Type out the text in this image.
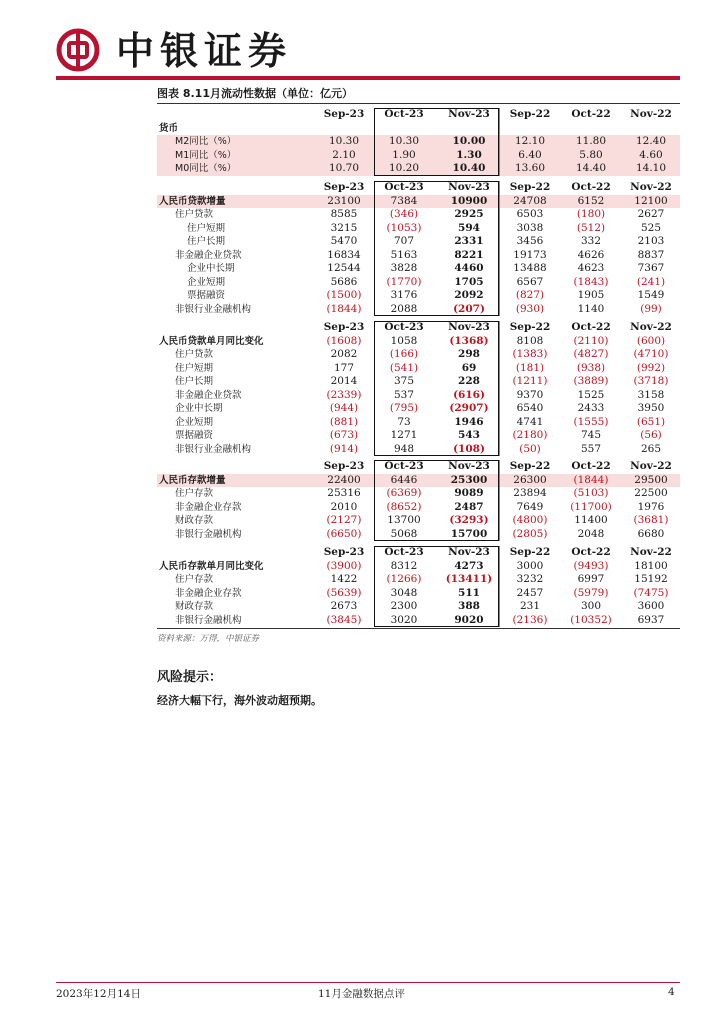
中银证券
图表 8.11月流动性数据（单位：亿元）
Sep-23	Oct-23	Nov-23	Sep-22	Oct-22	Nov-22
货币
M2同比（%）	10.30	10.30	10.00	12.10	11.80	12.40
M1同比（%）	2.10	1.90	1.30	6.40	5.80	4.60
M0同比（%）	10.70	10.20	10.40	13.60	14.40	14.10
Sep-23	Oct-23	Nov-23	Sep-22	Oct-22	Nov-22
人民币贷款增量	23100	7384	10900	24708	6152	12100
住户贷款	8585	(346)	2925	6503	(180)	2627
住户短期	3215	(1053)	594	3038	(512)	525
住户长期	5470	707	2331	3456	332	2103
非金融企业贷款	16834	5163	8221	19173	4626	8837
企业中长期	12544	3828	4460	13488	4623	7367
企业短期	5686	(1770)	1705	6567	(1843)	(241)
票据融资	(1500)	3176	2092	(827)	1905	1549
非银行业金融机构	(1844)	2088	(207)	(930)	1140	(99)
Sep-23	Oct-23	Nov-23	Sep-22	Oct-22	Nov-22
人民币贷款单月同比变化	(1608)	1058	(1368)	8108	(2110)	(600)
住户贷款	2082	(166)	298	(1383)	(4827)	(4710)
住户短期	177	(541)	69	(181)	(938)	(992)
住户长期	2014	375	228	(1211)	(3889)	(3718)
非金融企业贷款	(2339)	537	(616)	9370	1525	3158
企业中长期	(944)	(795)	(2907)	6540	2433	3950
企业短期	(881)	73	1946	4741	(1555)	(651)
票据融资	(673)	1271	543	(2180)	745	(56)
非银行业金融机构	(914)	948	(108)	(50)	557	265
Sep-23	Oct-23	Nov-23	Sep-22	Oct-22	Nov-22
人民币存款增量	22400	6446	25300	26300	(1844)	29500
住户存款	25316	(6369)	9089	23894	(5103)	22500
非金融企业存款	2010	(8652)	2487	7649	(11700)	1976
财政存款	(2127)	13700	(3293)	(4800)	11400	(3681)
非银行金融机构	(6650)	5068	15700	(2805)	2048	6680
Sep-23	Oct-23	Nov-23	Sep-22	Oct-22	Nov-22
人民币存款单月同比变化	(3900)	8312	4273	3000	(9493)	18100
住户存款	1422	(1266)	(13411)	3232	6997	15192
非金融企业存款	(5639)	3048	511	2457	(5979)	(7475)
财政存款	2673	2300	388	231	300	3600
非银行金融机构	(3845)	3020	9020	(2136)	(10352)	6937
资料来源：万得，中银证券
风险提示：
经济大幅下行，海外波动超预期。
2023年12月14日	11月金融数据点评	4
